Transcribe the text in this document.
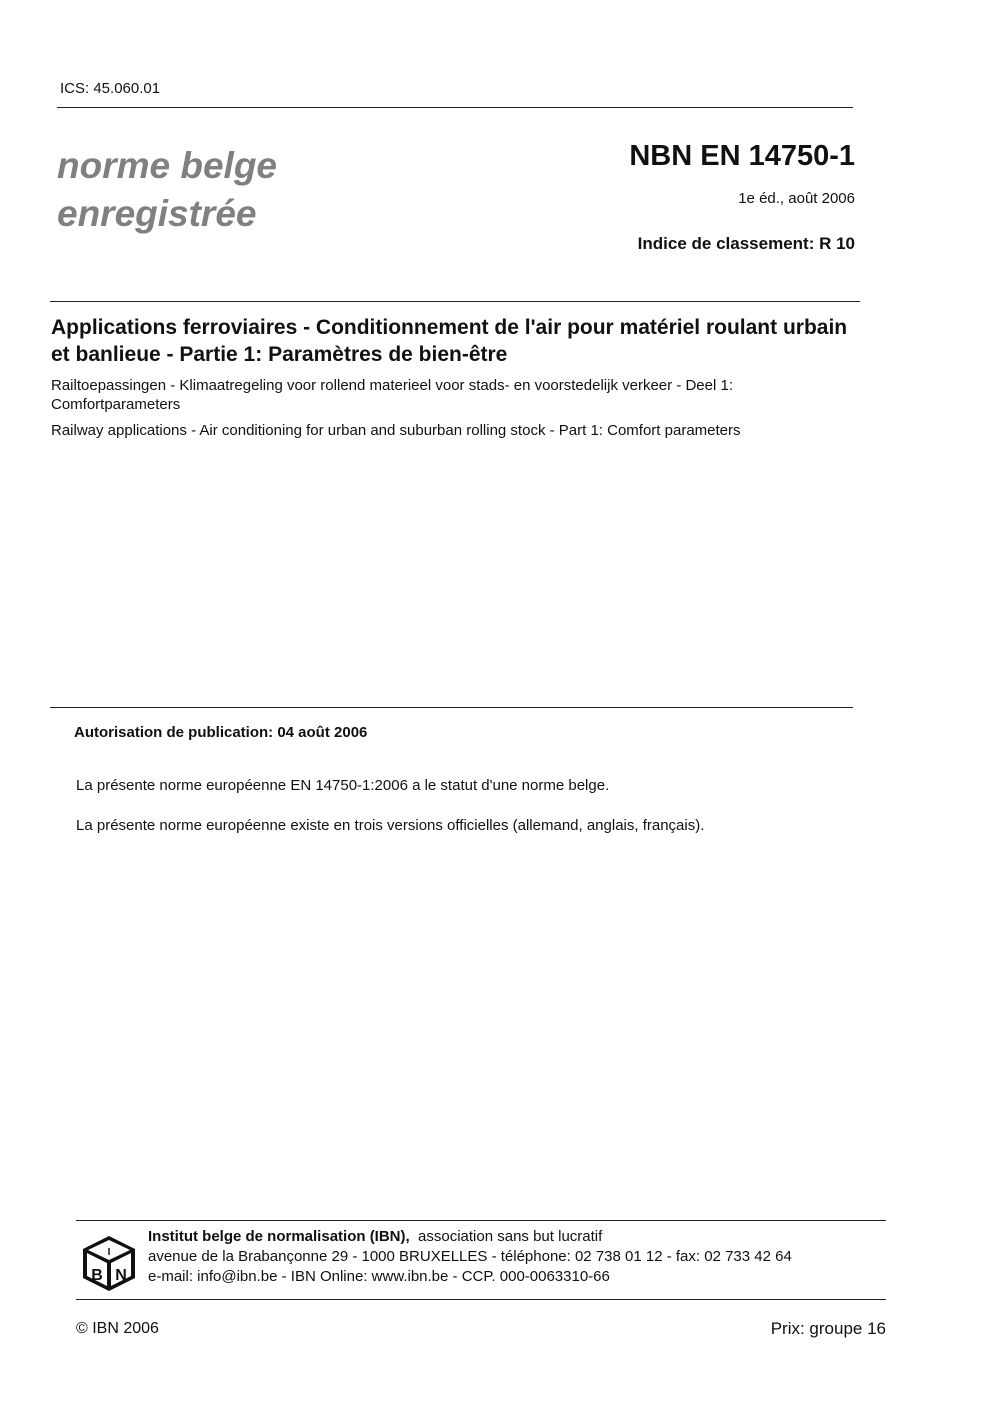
ICS: 45.060.01
norme belge
enregistrée
NBN EN 14750-1
1e éd., août 2006
Indice de classement: R 10
Applications ferroviaires - Conditionnement de l'air pour matériel roulant urbain et banlieue - Partie 1: Paramètres de bien-être
Railtoepassingen - Klimaatregeling voor rollend materieel voor stads- en voorstedelijk verkeer - Deel 1: Comfortparameters
Railway applications - Air conditioning for urban and suburban rolling stock - Part 1: Comfort parameters
Autorisation de publication: 04 août 2006
La présente norme européenne EN 14750-1:2006 a le statut d'une norme belge.
La présente norme européenne existe en trois versions officielles (allemand, anglais, français).
I
B N
Institut belge de normalisation (IBN), association sans but lucratif
avenue de la Brabançonne 29 - 1000 BRUXELLES - téléphone: 02 738 01 12 - fax: 02 733 42 64
e-mail: info@ibn.be - IBN Online: www.ibn.be - CCP. 000-0063310-66
© IBN 2006	Prix: groupe 16
